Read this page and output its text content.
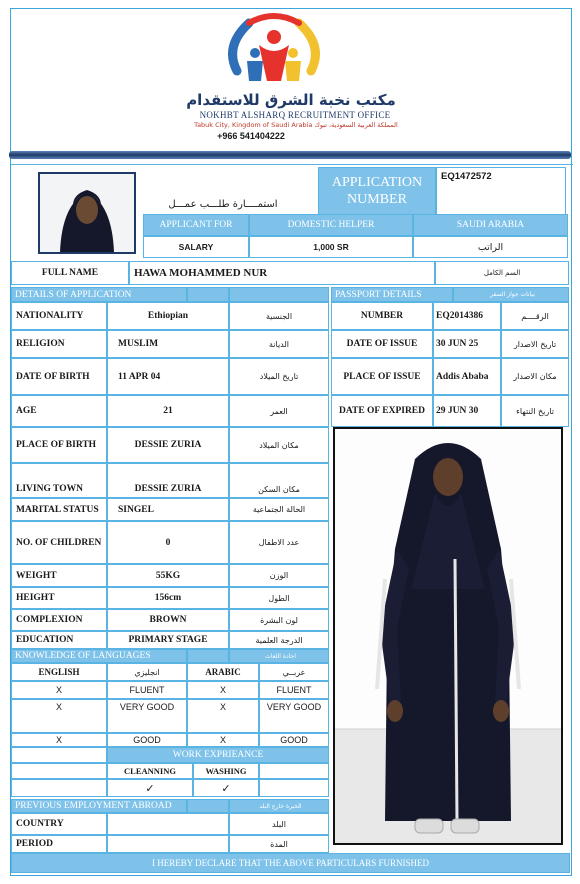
مكتب نخبة الشرق للاستقدام
NOKHBT ALSHARQ RECRUITMENT OFFICE
Tabuk City, Kingdom of Saudi Arabia المملكة العربية السعودية، تبوك
+966 541404222
استمــــارة طلـــب عمـــل
APPLICATION NUMBER
EQ1472572
APPLICANT FOR	DOMESTIC HELPER	SAUDI ARABIA
SALARY	1,000 SR	الراتب
FULL NAME	HAWA MOHAMMED NUR	السم الكامل
DETAILS OF APPLICATION	PASSPORT DETAILS	بيانات جواز السفر
NATIONALITY	Ethiopian	الجنسية
RELIGION	MUSLIM	الديانة
DATE OF BIRTH	11 APR 04	تاريخ الميلاد
AGE	21	العمر
PLACE OF BIRTH	DESSIE ZURIA	مكان الميلاد
LIVING TOWN	DESSIE ZURIA	مكان السكن
MARITAL STATUS	SINGEL	الحالة الجتماعية
NO. OF CHILDREN	0	عدد الاطفال
WEIGHT	55KG	الوزن
HEIGHT	156cm	الطول
COMPLEXION	BROWN	لون البشرة
EDUCATION	PRIMARY STAGE	الدرجة العلمية
NUMBER	EQ2014386	الرقــــم
DATE OF ISSUE	30 JUN 25	تاريخ الاصدار
PLACE OF ISSUE	Addis Ababa	مكان الاصدار
DATE OF EXPIRED	29 JUN 30	تاريخ النتهاء
KNOWLEDGE OF LANGUAGES	اجادة اللغات
ENGLISH	انجليزي	ARABIC	عربــي
X	FLUENT	X	FLUENT
X	VERY GOOD	X	VERY GOOD
X	GOOD	X	GOOD
WORK EXPRIEANCE
CLEANNING	WASHING
✓	✓
PREVIOUS EMPLOYMENT ABROAD	الخبرة خارج البلد
COUNTRY	البلد
PERIOD	المدة
I HEREBY DECLARE THAT THE ABOVE PARTICULARS FURNISHED
